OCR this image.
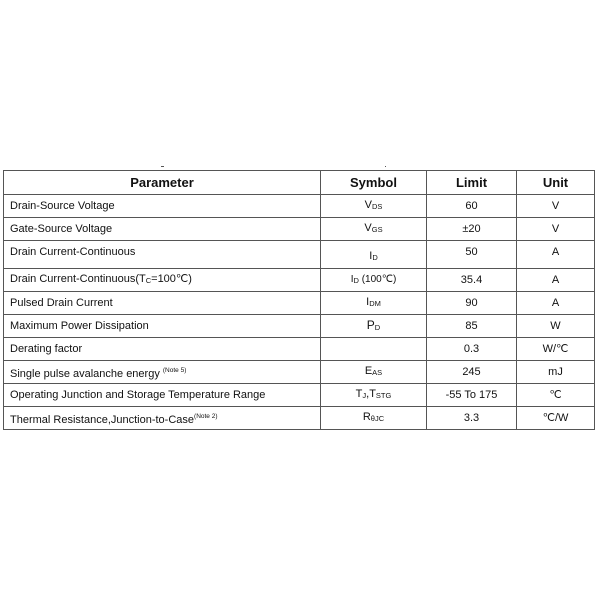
Parameter	Symbol	Limit	Unit
Drain-Source Voltage	VDS	60	V
Gate-Source Voltage	VGS	±20	V
Drain Current-Continuous	ID	50	A
Drain Current-Continuous(TC=100℃)	ID (100℃)	35.4	A
Pulsed Drain Current	IDM	90	A
Maximum Power Dissipation	PD	85	W
Derating factor		0.3	W/℃
Single pulse avalanche energy $^{(Note 5)}$	EAS	245	mJ
Operating Junction and Storage Temperature Range	TJ,TSTG	-55 To 175	℃
Thermal Resistance,Junction-to-Case$^{(Note 2)}$	RθJC	3.3	℃/W
